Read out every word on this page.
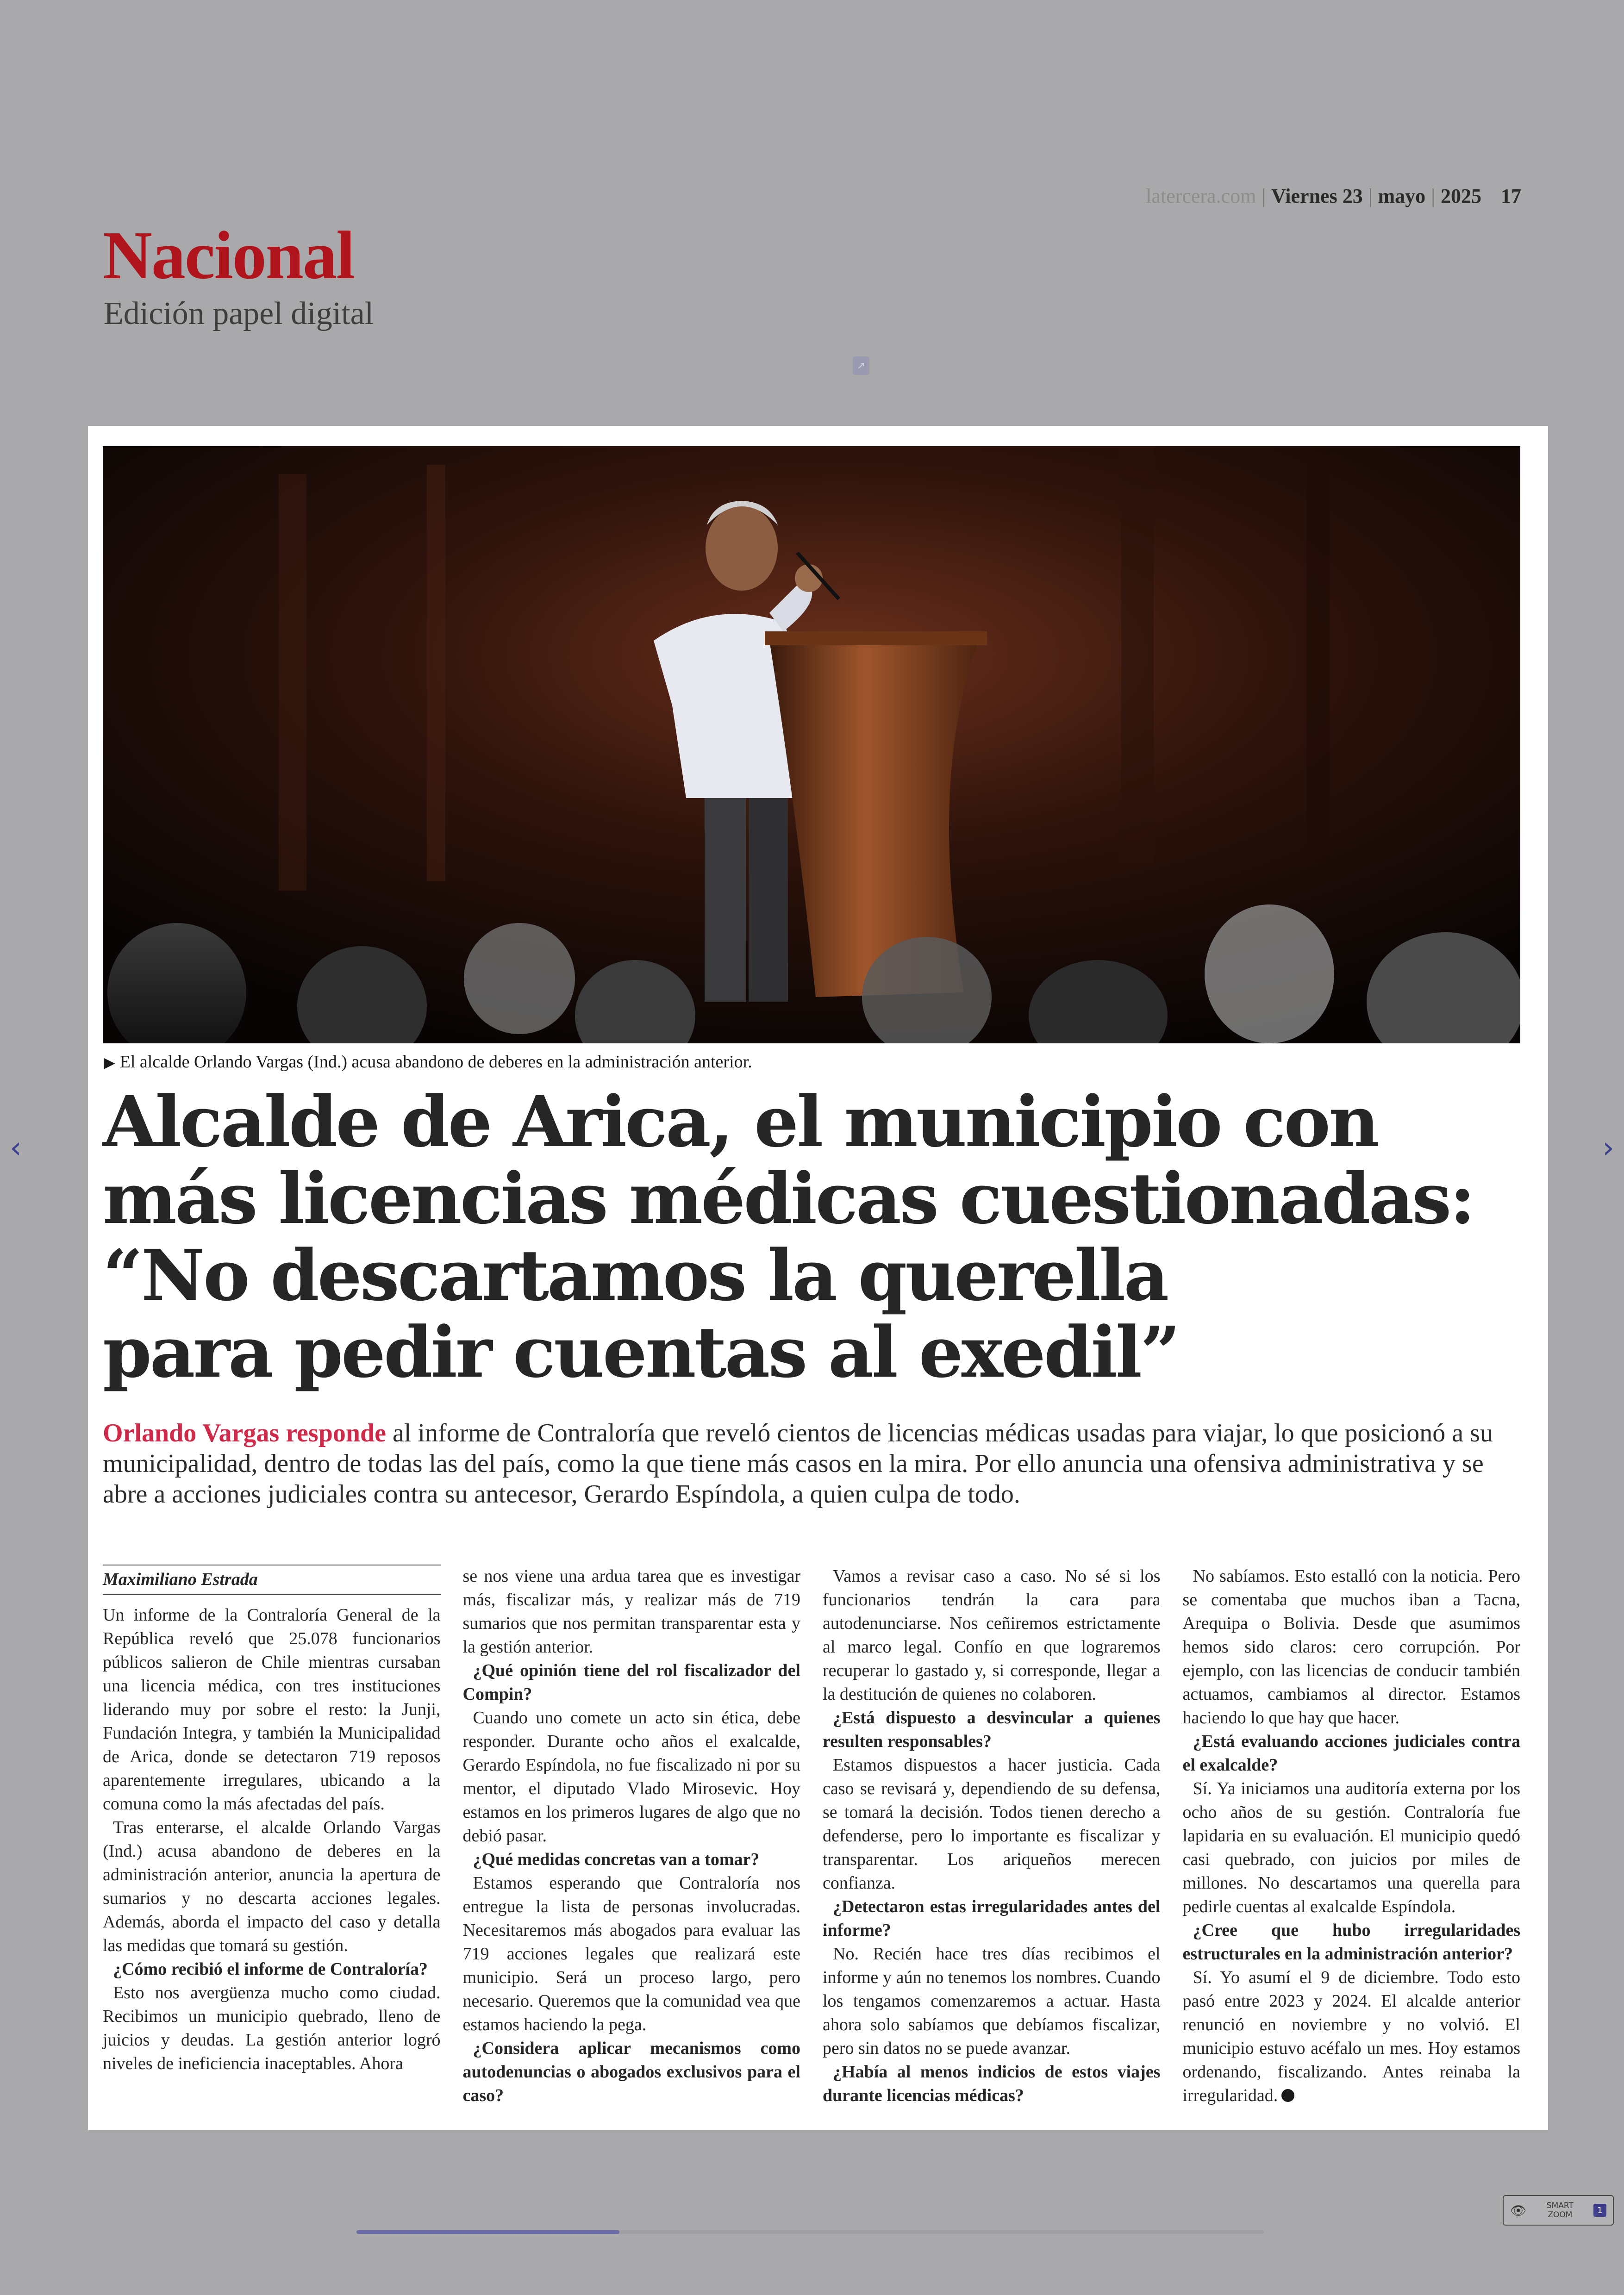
latercera.com | Viernes 23 | mayo | 2025 17
Nacional
Edición papel digital
↗
‹	›
▶ El alcalde Orlando Vargas (Ind.) acusa abandono de deberes en la administración anterior.
Alcalde de Arica, el municipio con
más licencias médicas cuestionadas:
“No descartamos la querella
para pedir cuentas al exedil”
Orlando Vargas responde al informe de Contraloría que reveló cientos de licencias médicas usadas para viajar, lo que posicionó a su municipalidad, dentro de todas las del país, como la que tiene más casos en la mira. Por ello anuncia una ofensiva administrativa y se abre a acciones judiciales contra su antecesor, Gerardo Espíndola, a quien culpa de todo.
Maximiliano Estrada

Un informe de la Contraloría General de la República reveló que 25.078 funcionarios públicos salieron de Chile mientras cursaban una licencia médica, con tres instituciones liderando muy por sobre el resto: la Junji, Fundación Integra, y también la Municipalidad de Arica, donde se detectaron 719 reposos aparentemente irregulares, ubicando a la comuna como la más afectadas del país.

Tras enterarse, el alcalde Orlando Vargas (Ind.) acusa abandono de deberes en la administración anterior, anuncia la apertura de sumarios y no descarta acciones legales. Además, aborda el impacto del caso y detalla las medidas que tomará su gestión.

¿Cómo recibió el informe de Contraloría?

Esto nos avergüenza mucho como ciudad. Recibimos un municipio quebrado, lleno de juicios y deudas. La gestión anterior logró niveles de ineficiencia inaceptables. Ahora

se nos viene una ardua tarea que es investigar más, fiscalizar más, y realizar más de 719 sumarios que nos permitan transparentar esta y la gestión anterior.

¿Qué opinión tiene del rol fiscalizador del Compin?

Cuando uno comete un acto sin ética, debe responder. Durante ocho años el exalcalde, Gerardo Espíndola, no fue fiscalizado ni por su mentor, el diputado Vlado Mirosevic. Hoy estamos en los primeros lugares de algo que no debió pasar.

¿Qué medidas concretas van a tomar?

Estamos esperando que Contraloría nos entregue la lista de personas involucradas. Necesitaremos más abogados para evaluar las 719 acciones legales que realizará este municipio. Será un proceso largo, pero necesario. Queremos que la comunidad vea que estamos haciendo la pega.

¿Considera aplicar mecanismos como autodenuncias o abogados exclusivos para el caso?

Vamos a revisar caso a caso. No sé si los funcionarios tendrán la cara para autodenunciarse. Nos ceñiremos estrictamente al marco legal. Confío en que lograremos recuperar lo gastado y, si corresponde, llegar a la destitución de quienes no colaboren.

¿Está dispuesto a desvincular a quienes resulten responsables?

Estamos dispuestos a hacer justicia. Cada caso se revisará y, dependiendo de su defensa, se tomará la decisión. Todos tienen derecho a defenderse, pero lo importante es fiscalizar y transparentar. Los ariqueños merecen confianza.

¿Detectaron estas irregularidades antes del informe?

No. Recién hace tres días recibimos el informe y aún no tenemos los nombres. Cuando los tengamos comenzaremos a actuar. Hasta ahora solo sabíamos que debíamos fiscalizar, pero sin datos no se puede avanzar.

¿Había al menos indicios de estos viajes durante licencias médicas?

No sabíamos. Esto estalló con la noticia. Pero se comentaba que muchos iban a Tacna, Arequipa o Bolivia. Desde que asumimos hemos sido claros: cero corrupción. Por ejemplo, con las licencias de conducir también actuamos, cambiamos al director. Estamos haciendo lo que hay que hacer.

¿Está evaluando acciones judiciales contra el exalcalde?

Sí. Ya iniciamos una auditoría externa por los ocho años de su gestión. Contraloría fue lapidaria en su evaluación. El municipio quedó casi quebrado, con juicios por miles de millones. No descartamos una querella para pedirle cuentas al exalcalde Espíndola.

¿Cree que hubo irregularidades estructurales en la administración anterior?

Sí. Yo asumí el 9 de diciembre. Todo esto pasó entre 2023 y 2024. El alcalde anterior renunció en noviembre y no volvió. El municipio estuvo acéfalo un mes. Hoy estamos ordenando, fiscalizando. Antes reinaba la irregularidad.

👁	SMART
ZOOM	1
